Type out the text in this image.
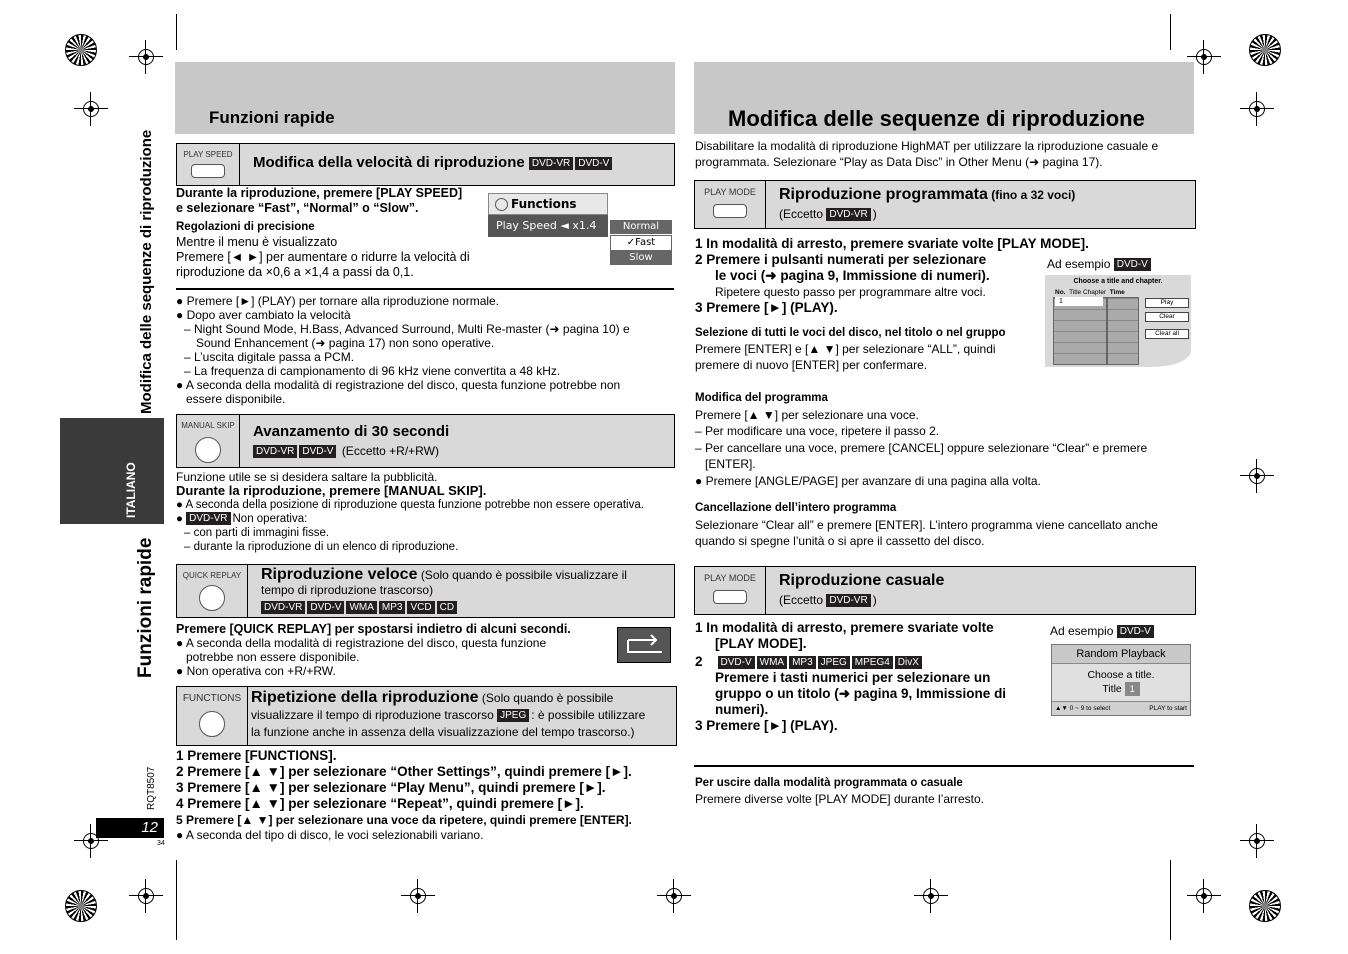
Modifica delle sequenze di riproduzione
ITALIANO
Funzioni rapide
RQT8507
12
34
Funzioni rapide
PLAY SPEED Modifica della velocità di riproduzione DVD-VR DVD-V
Durante la riproduzione, premere [PLAY SPEED]
e selezionare “Fast”, “Normal” o “Slow”.
Regolazioni di precisione
Mentre il menu è visualizzato
Premere [◄ ►] per aumentare o ridurre la velocità di
riproduzione da ×0,6 a ×1,4 a passi da 0,1.
Functions
Play Speed ◄ x1.4	Normal
✓Fast
Slow
● Premere [►] (PLAY) per tornare alla riproduzione normale.
● Dopo aver cambiato la velocità
– Night Sound Mode, H.Bass, Advanced Surround, Multi Re-master (➜ pagina 10) e
Sound Enhancement (➜ pagina 17) non sono operative.
– L’uscita digitale passa a PCM.
– La frequenza di campionamento di 96 kHz viene convertita a 48 kHz.
● A seconda della modalità di registrazione del disco, questa funzione potrebbe non
essere disponibile.
MANUAL SKIP Avanzamento di 30 secondi
DVD-VR DVD-V (Eccetto +R/+RW)
Funzione utile se si desidera saltare la pubblicità.
Durante la riproduzione, premere [MANUAL SKIP].
● A seconda della posizione di riproduzione questa funzione potrebbe non essere operativa.
● DVD-VR Non operativa:
– con parti di immagini fisse.
– durante la riproduzione di un elenco di riproduzione.
QUICK REPLAY Riproduzione veloce (Solo quando è possibile visualizzare il
tempo di riproduzione trascorso)
DVD-VR DVD-V WMA MP3 VCD CD
Premere [QUICK REPLAY] per spostarsi indietro di alcuni secondi.
● A seconda della modalità di registrazione del disco, questa funzione
potrebbe non essere disponibile.
● Non operativa con +R/+RW.
FUNCTIONS Ripetizione della riproduzione (Solo quando è possibile
visualizzare il tempo di riproduzione trascorso JPEG : è possibile utilizzare
la funzione anche in assenza della visualizzazione del tempo trascorso.)
1 Premere [FUNCTIONS].
2 Premere [▲ ▼] per selezionare “Other Settings”, quindi premere [►].
3 Premere [▲ ▼] per selezionare “Play Menu”, quindi premere [►].
4 Premere [▲ ▼] per selezionare “Repeat”, quindi premere [►].
5 Premere [▲ ▼] per selezionare una voce da ripetere, quindi premere [ENTER].
● A seconda del tipo di disco, le voci selezionabili variano.
Modifica delle sequenze di riproduzione
Disabilitare la modalità di riproduzione HighMAT per utilizzare la riproduzione casuale e
programmata. Selezionare “Play as Data Disc” in Other Menu (➜ pagina 17).
PLAY MODE	Riproduzione programmata (fino a 32 voci)
(Eccetto DVD-VR )
1 In modalità di arresto, premere svariate volte [PLAY MODE].
2 Premere i pulsanti numerati per selezionare
le voci (➜ pagina 9, Immissione di numeri).
Ripetere questo passo per programmare altre voci.
3 Premere [►] (PLAY).
Ad esempio DVD-V
Choose a title and chapter.
No. Title Chapter Time
1	Play
Clear
Clear all
Selezione di tutti le voci del disco, nel titolo o nel gruppo
Premere [ENTER] e [▲ ▼] per selezionare “ALL”, quindi
premere di nuovo [ENTER] per confermare.
Modifica del programma
Premere [▲ ▼] per selezionare una voce.
– Per modificare una voce, ripetere il passo 2.
– Per cancellare una voce, premere [CANCEL] oppure selezionare “Clear” e premere
[ENTER].
● Premere [ANGLE/PAGE] per avanzare di una pagina alla volta.
Cancellazione dell’intero programma
Selezionare “Clear all” e premere [ENTER]. L’intero programma viene cancellato anche
quando si spegne l’unità o si apre il cassetto del disco.
PLAY MODE	Riproduzione casuale
(Eccetto DVD-VR )
1 In modalità di arresto, premere svariate volte
[PLAY MODE].
2    DVD-V WMA MP3 JPEG MPEG4 DivX
Premere i tasti numerici per selezionare un
gruppo o un titolo (➜ pagina 9, Immissione di
numeri).
3 Premere [►] (PLAY).
Ad esempio DVD-V
Random Playback
Choose a title.
Title 1
▲▼ 0 ~ 9 to select	PLAY to start
Per uscire dalla modalità programmata o casuale
Premere diverse volte [PLAY MODE] durante l’arresto.
